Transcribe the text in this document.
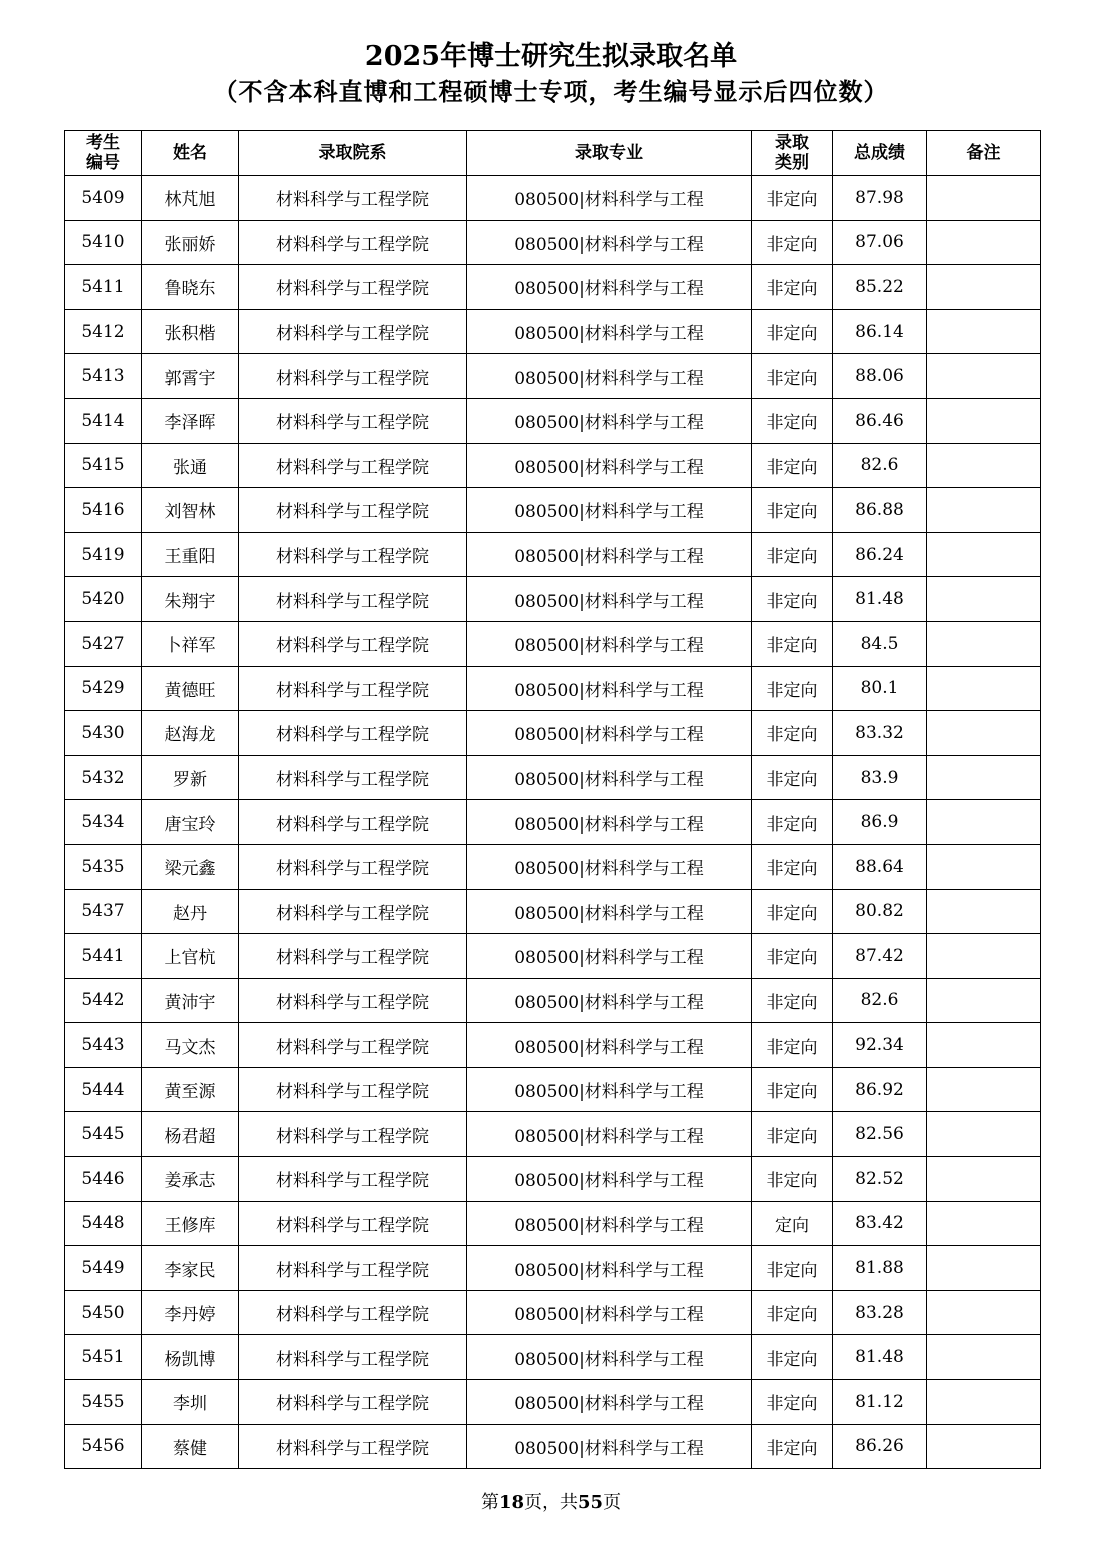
2025年博士研究生拟录取名单
（不含本科直博和工程硕博士专项，考生编号显示后四位数）
考生编号	姓名	录取院系	录取专业	录取类别	总成绩	备注
5409	林芃旭	材料科学与工程学院	080500|材料科学与工程	非定向	87.98	
5410	张丽娇	材料科学与工程学院	080500|材料科学与工程	非定向	87.06	
5411	鲁晓东	材料科学与工程学院	080500|材料科学与工程	非定向	85.22	
5412	张积楷	材料科学与工程学院	080500|材料科学与工程	非定向	86.14	
5413	郭霄宇	材料科学与工程学院	080500|材料科学与工程	非定向	88.06	
5414	李泽晖	材料科学与工程学院	080500|材料科学与工程	非定向	86.46	
5415	张通	材料科学与工程学院	080500|材料科学与工程	非定向	82.6	
5416	刘智林	材料科学与工程学院	080500|材料科学与工程	非定向	86.88	
5419	王重阳	材料科学与工程学院	080500|材料科学与工程	非定向	86.24	
5420	朱翔宇	材料科学与工程学院	080500|材料科学与工程	非定向	81.48	
5427	卜祥军	材料科学与工程学院	080500|材料科学与工程	非定向	84.5	
5429	黄德旺	材料科学与工程学院	080500|材料科学与工程	非定向	80.1	
5430	赵海龙	材料科学与工程学院	080500|材料科学与工程	非定向	83.32	
5432	罗新	材料科学与工程学院	080500|材料科学与工程	非定向	83.9	
5434	唐宝玲	材料科学与工程学院	080500|材料科学与工程	非定向	86.9	
5435	梁元鑫	材料科学与工程学院	080500|材料科学与工程	非定向	88.64	
5437	赵丹	材料科学与工程学院	080500|材料科学与工程	非定向	80.82	
5441	上官杭	材料科学与工程学院	080500|材料科学与工程	非定向	87.42	
5442	黄沛宇	材料科学与工程学院	080500|材料科学与工程	非定向	82.6	
5443	马文杰	材料科学与工程学院	080500|材料科学与工程	非定向	92.34	
5444	黄至源	材料科学与工程学院	080500|材料科学与工程	非定向	86.92	
5445	杨君超	材料科学与工程学院	080500|材料科学与工程	非定向	82.56	
5446	姜承志	材料科学与工程学院	080500|材料科学与工程	非定向	82.52	
5448	王修库	材料科学与工程学院	080500|材料科学与工程	定向	83.42	
5449	李家民	材料科学与工程学院	080500|材料科学与工程	非定向	81.88	
5450	李丹婷	材料科学与工程学院	080500|材料科学与工程	非定向	83.28	
5451	杨凯博	材料科学与工程学院	080500|材料科学与工程	非定向	81.48	
5455	李圳	材料科学与工程学院	080500|材料科学与工程	非定向	81.12	
5456	蔡健	材料科学与工程学院	080500|材料科学与工程	非定向	86.26	
第18页，共55页
